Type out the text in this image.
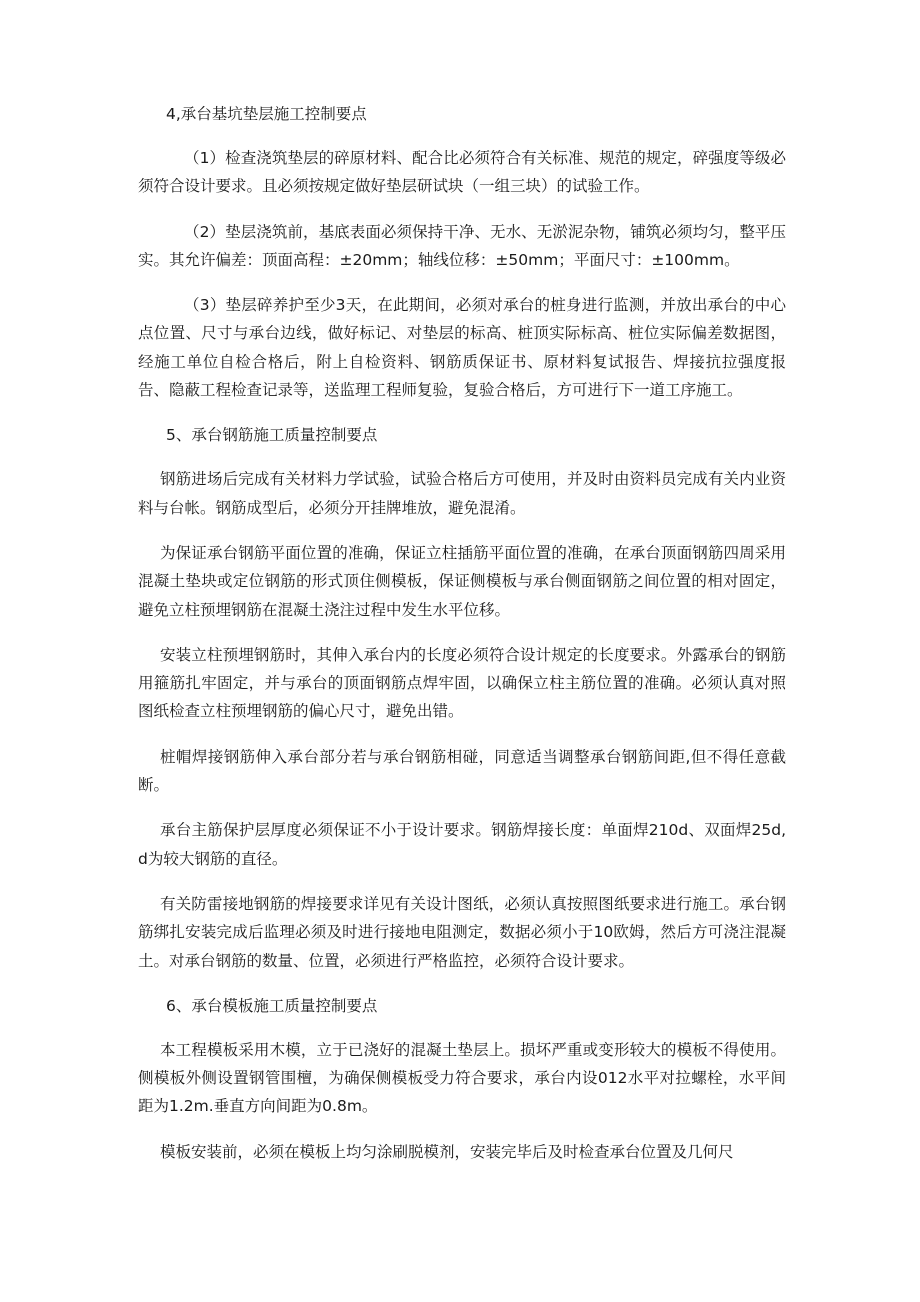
4,承台基坑垫层施工控制要点

（1）检查浇筑垫层的碎原材料、配合比必须符合有关标准、规范的规定，碎强度等级必须符合设计要求。且必须按规定做好垫层研试块（一组三块）的试验工作。

（2）垫层浇筑前，基底表面必须保持干净、无水、无淤泥杂物，铺筑必须均匀，整平压实。其允许偏差：顶面高程：±20mm；轴线位移：±50mm；平面尺寸：±100mm。

（3）垫层碎养护至少3天，在此期间，必须对承台的桩身进行监测，并放出承台的中心点位置、尺寸与承台边线，做好标记、对垫层的标高、桩顶实际标高、桩位实际偏差数据图，经施工单位自检合格后，附上自检资料、钢筋质保证书、原材料复试报告、焊接抗拉强度报告、隐蔽工程检查记录等，送监理工程师复验，复验合格后，方可进行下一道工序施工。

5、承台钢筋施工质量控制要点

钢筋进场后完成有关材料力学试验，试验合格后方可使用，并及时由资料员完成有关内业资料与台帐。钢筋成型后，必须分开挂牌堆放，避免混淆。

为保证承台钢筋平面位置的准确，保证立柱插筋平面位置的准确，在承台顶面钢筋四周采用混凝土垫块或定位钢筋的形式顶住侧模板，保证侧模板与承台侧面钢筋之间位置的相对固定，避免立柱预埋钢筋在混凝土浇注过程中发生水平位移。

安装立柱预埋钢筋时，其伸入承台内的长度必须符合设计规定的长度要求。外露承台的钢筋用箍筋扎牢固定，并与承台的顶面钢筋点焊牢固，以确保立柱主筋位置的准确。必须认真对照图纸检查立柱预埋钢筋的偏心尺寸，避免出错。

桩帽焊接钢筋伸入承台部分若与承台钢筋相碰，同意适当调整承台钢筋间距,但不得任意截断。

承台主筋保护层厚度必须保证不小于设计要求。钢筋焊接长度：单面焊210d、双面焊25d,d为较大钢筋的直径。

有关防雷接地钢筋的焊接要求详见有关设计图纸，必须认真按照图纸要求进行施工。承台钢筋绑扎安装完成后监理必须及时进行接地电阻测定，数据必须小于10欧姆，然后方可浇注混凝土。对承台钢筋的数量、位置，必须进行严格监控，必须符合设计要求。

6、承台模板施工质量控制要点

本工程模板采用木模，立于已浇好的混凝土垫层上。损坏严重或变形较大的模板不得使用。侧模板外侧设置钢管围檀，为确保侧模板受力符合要求，承台内设012水平对拉螺栓，水平间距为1.2m.垂直方向间距为0.8m。

模板安装前，必须在模板上均匀涂刷脱模剂，安装完毕后及时检查承台位置及几何尺
